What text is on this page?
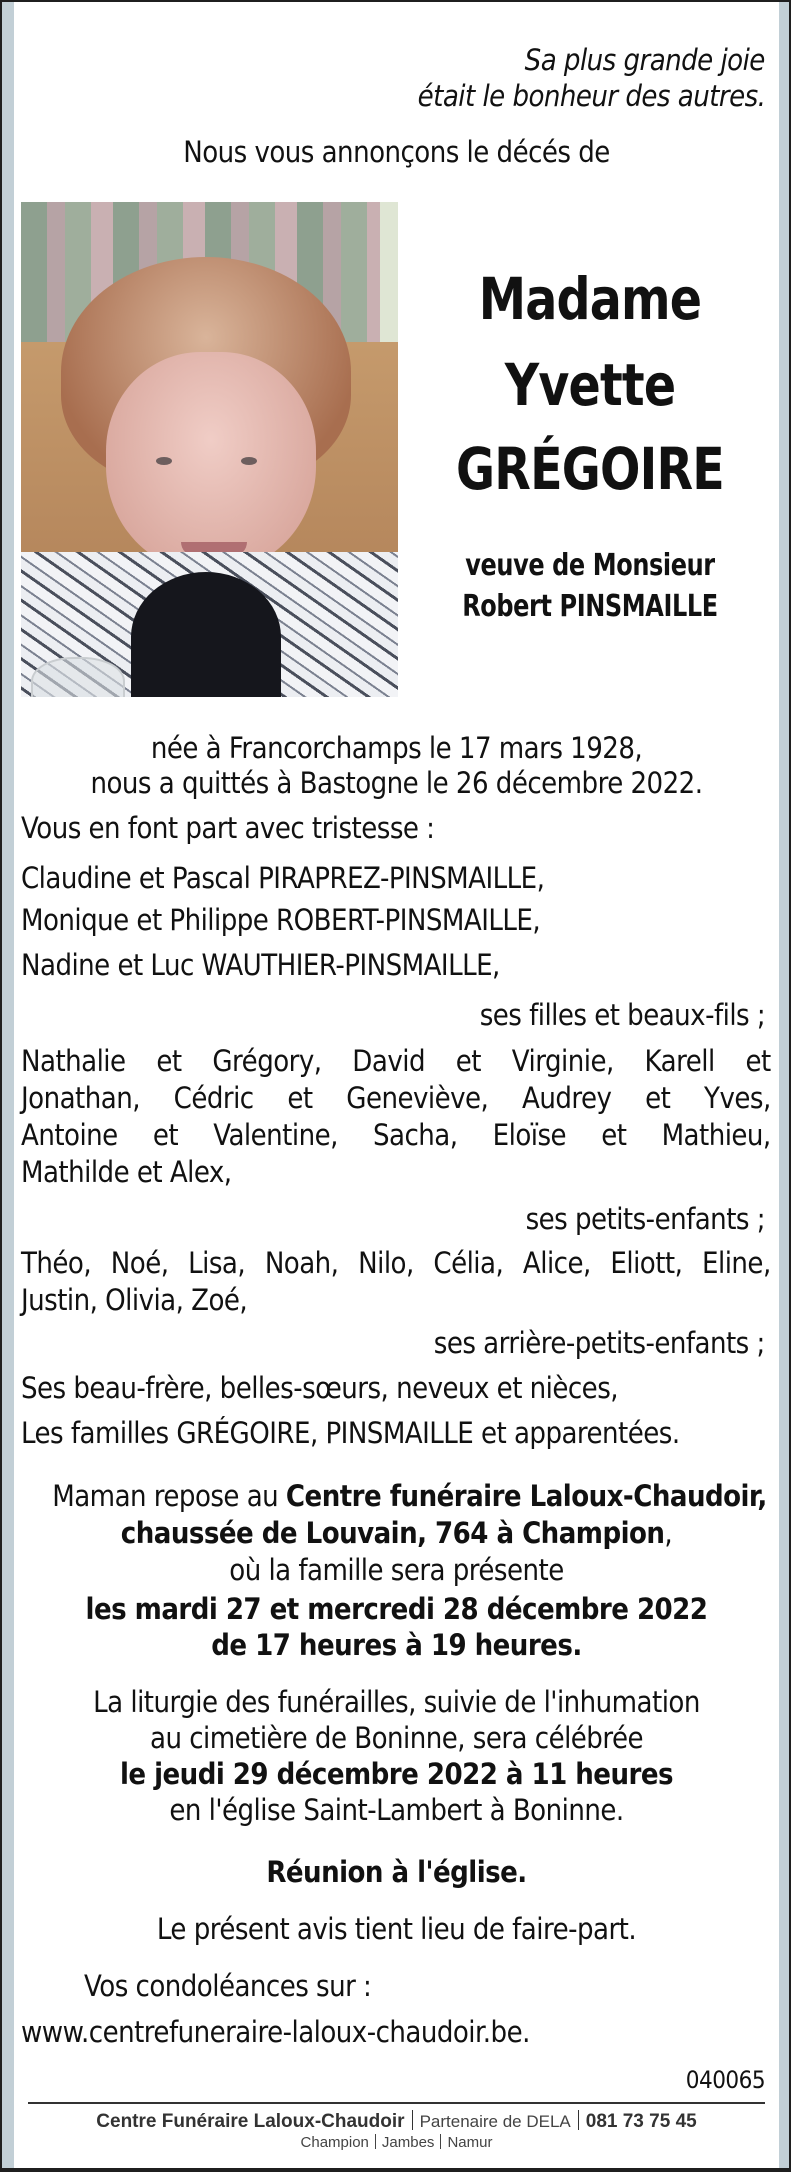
Sa plus grande joie
était le bonheur des autres.
Nous vous annonçons le décés de
Madame
Yvette
GRÉGOIRE
veuve de Monsieur
Robert PINSMAILLE
née à Francorchamps le 17 mars 1928,
nous a quittés à Bastogne le 26 décembre 2022.
Vous en font part avec tristesse :
Claudine et Pascal PIRAPREZ-PINSMAILLE,
Monique et Philippe ROBERT-PINSMAILLE,
Nadine et Luc WAUTHIER-PINSMAILLE,
ses filles et beaux-fils ;
Nathalie et Grégory, David et Virginie, Karell et
Jonathan, Cédric et Geneviève, Audrey et Yves,
Antoine et Valentine, Sacha, Eloïse et Mathieu,
Mathilde et Alex,
ses petits-enfants ;
Théo, Noé, Lisa, Noah, Nilo, Célia, Alice, Eliott, Eline,
Justin, Olivia, Zoé,
ses arrière-petits-enfants ;
Ses beau-frère, belles-sœurs, neveux et nièces,
Les familles GRÉGOIRE, PINSMAILLE et apparentées.
Maman repose au Centre funéraire Laloux-Chaudoir,
chaussée de Louvain, 764 à Champion,
où la famille sera présente
les mardi 27 et mercredi 28 décembre 2022
de 17 heures à 19 heures.
La liturgie des funérailles, suivie de l'inhumation
au cimetière de Boninne, sera célébrée
le jeudi 29 décembre 2022 à 11 heures
en l'église Saint-Lambert à Boninne.
Réunion à l'église.
Le présent avis tient lieu de faire-part.
Vos condoléances sur :
www.centrefuneraire-laloux-chaudoir.be.
040065
Centre Funéraire Laloux-Chaudoir Partenaire de DELA 081 73 75 45
Champion Jambes Namur
